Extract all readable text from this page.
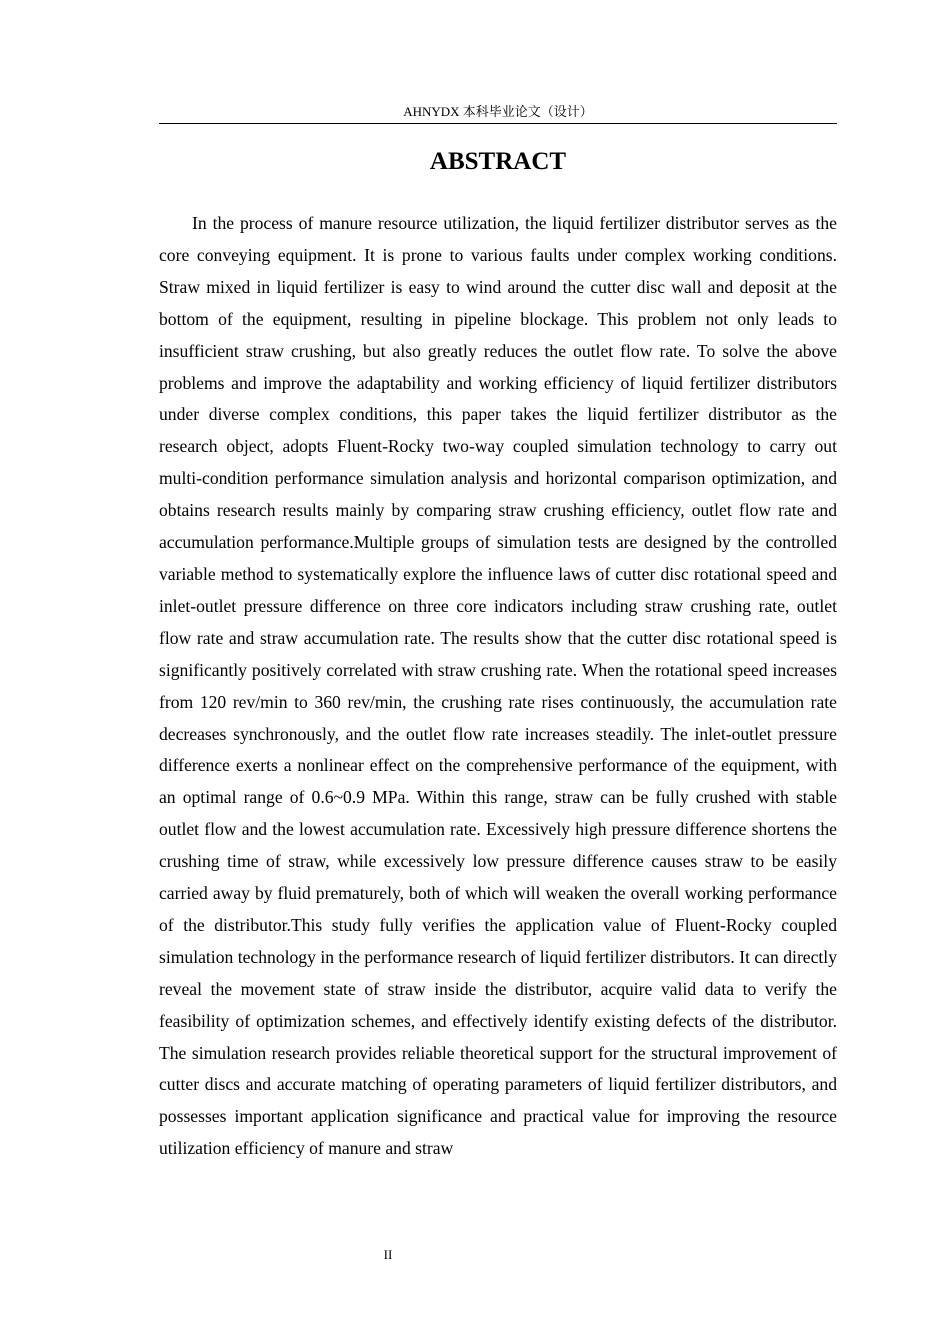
AHNYDX 本科毕业论文（设计）
ABSTRACT

In the process of manure resource utilization, the liquid fertilizer distributor serves as the core conveying equipment. It is prone to various faults under complex working conditions. Straw mixed in liquid fertilizer is easy to wind around the cutter disc wall and deposit at the bottom of the equipment, resulting in pipeline blockage. This problem not only leads to insufficient straw crushing, but also greatly reduces the outlet flow rate. To solve the above problems and improve the adaptability and working efficiency of liquid fertilizer distributors under diverse complex conditions, this paper takes the liquid fertilizer distributor as the research object, adopts Fluent-Rocky two-way coupled simulation technology to carry out multi-condition performance simulation analysis and horizontal comparison optimization, and obtains research results mainly by comparing straw crushing efficiency, outlet flow rate and accumulation performance.Multiple groups of simulation tests are designed by the controlled variable method to systematically explore the influence laws of cutter disc rotational speed and inlet-outlet pressure difference on three core indicators including straw crushing rate, outlet flow rate and straw accumulation rate. The results show that the cutter disc rotational speed is significantly positively correlated with straw crushing rate. When the rotational speed increases from 120 rev/min to 360 rev/min, the crushing rate rises continuously, the accumulation rate decreases synchronously, and the outlet flow rate increases steadily. The inlet-outlet pressure difference exerts a nonlinear effect on the comprehensive performance of the equipment, with an optimal range of 0.6~0.9 MPa. Within this range, straw can be fully crushed with stable outlet flow and the lowest accumulation rate. Excessively high pressure difference shortens the crushing time of straw, while excessively low pressure difference causes straw to be easily carried away by fluid prematurely, both of which will weaken the overall working performance of the distributor.This study fully verifies the application value of Fluent-Rocky coupled simulation technology in the performance research of liquid fertilizer distributors. It can directly reveal the movement state of straw inside the distributor, acquire valid data to verify the feasibility of optimization schemes, and effectively identify existing defects of the distributor. The simulation research provides reliable theoretical support for the structural improvement of cutter discs and accurate matching of operating parameters of liquid fertilizer distributors, and possesses important application significance and practical value for improving the resource utilization efficiency of manure and straw

II
